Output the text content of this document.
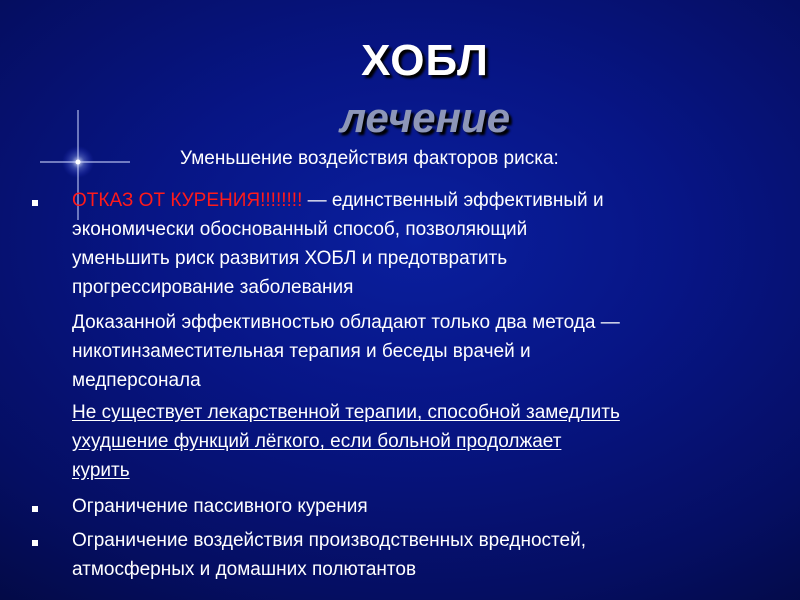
ХОБЛ
лечение
Уменьшение воздействия факторов риска:
ОТКАЗ ОТ КУРЕНИЯ!!!!!!!! — единственный эффективный и
экономически обоснованный способ, позволяющий
уменьшить риск развития ХОБЛ и предотвратить
прогрессирование заболевания
Доказанной эффективностью обладают только два метода —
никотинзаместительная терапия и беседы врачей и
медперсонала
Не существует лекарственной терапии, способной замедлить
ухудшение функций лёгкого, если больной продолжает
курить
Ограничение пассивного курения
Ограничение воздействия производственных вредностей,
атмосферных и домашних полютантов
